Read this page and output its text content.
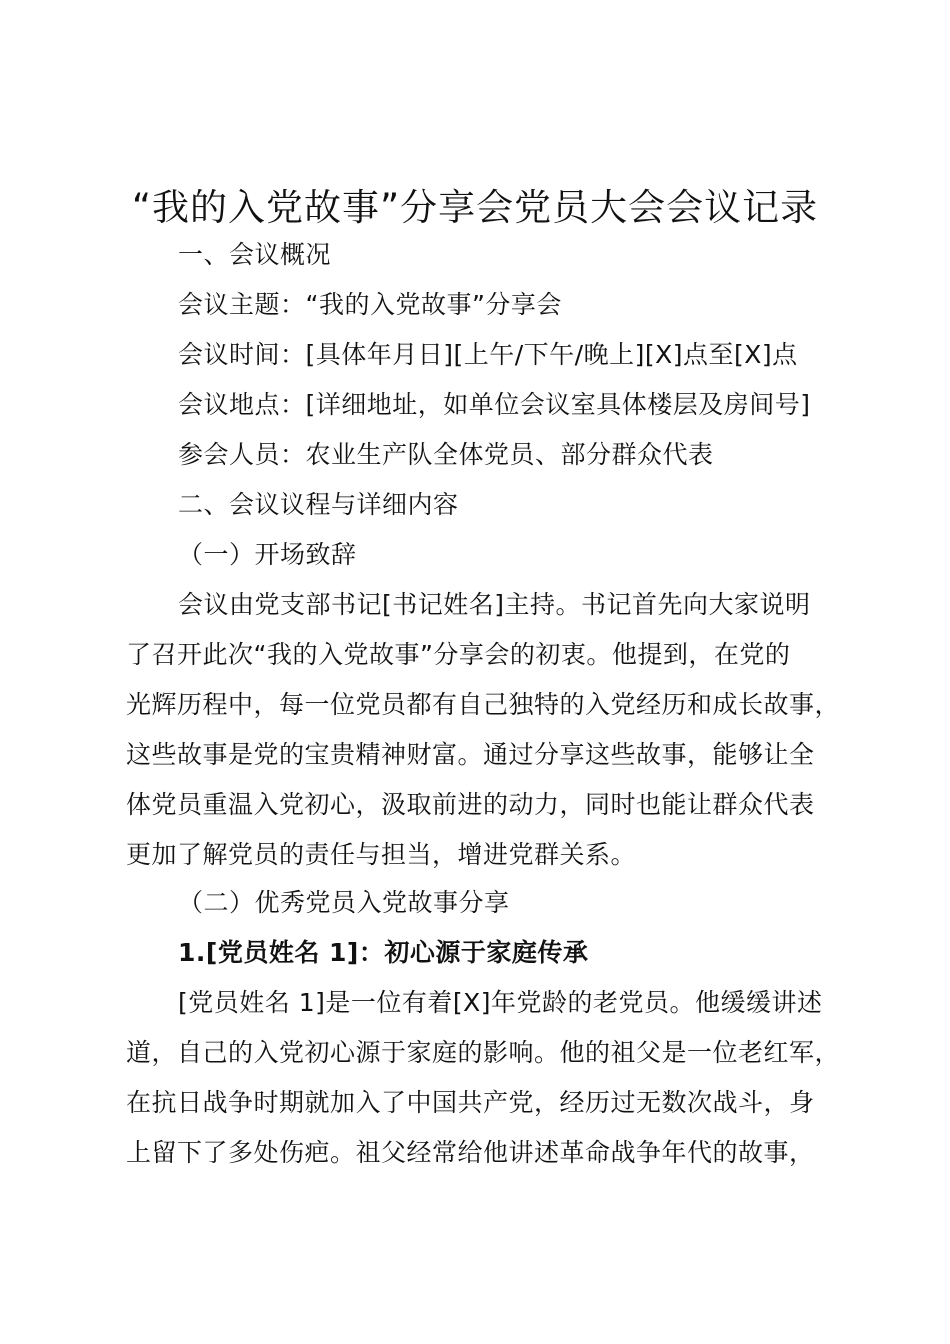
“我的入党故事”分享会党员大会会议记录
一、会议概况
会议主题：“我的入党故事”分享会
会议时间：[具体年月日][上午/下午/晚上][X]点至[X]点
会议地点：[详细地址，如单位会议室具体楼层及房间号]
参会人员：农业生产队全体党员、部分群众代表
二、会议议程与详细内容
（一）开场致辞
会议由党支部书记[书记姓名]主持。书记首先向大家说明
了召开此次“我的入党故事”分享会的初衷。他提到，在党的
光辉历程中，每一位党员都有自己独特的入党经历和成长故事，
这些故事是党的宝贵精神财富。通过分享这些故事，能够让全
体党员重温入党初心，汲取前进的动力，同时也能让群众代表
更加了解党员的责任与担当，增进党群关系。
（二）优秀党员入党故事分享
1.[党员姓名 1]：初心源于家庭传承
[党员姓名 1]是一位有着[X]年党龄的老党员。他缓缓讲述
道，自己的入党初心源于家庭的影响。他的祖父是一位老红军，
在抗日战争时期就加入了中国共产党，经历过无数次战斗，身
上留下了多处伤疤。祖父经常给他讲述革命战争年代的故事，
